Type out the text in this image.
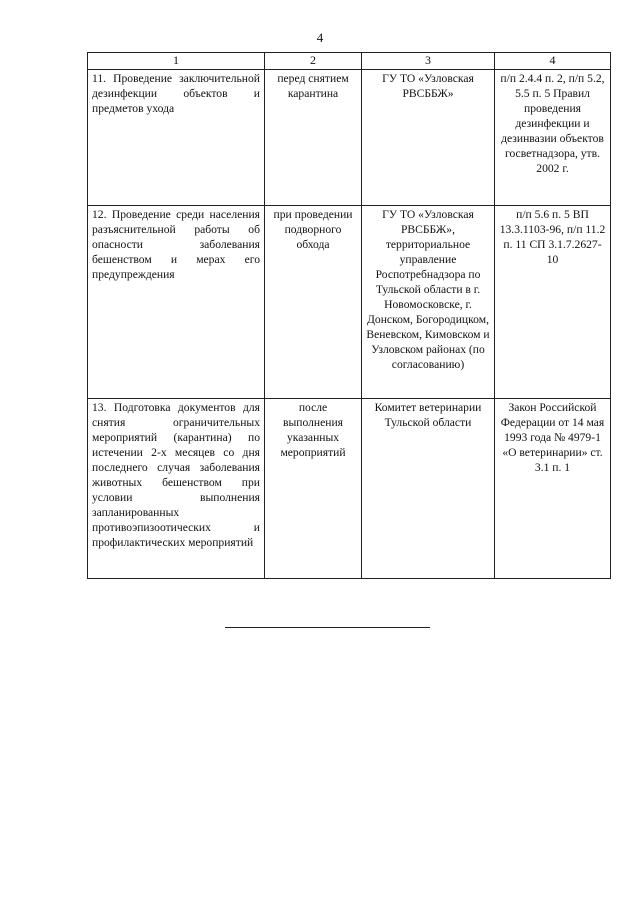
4
1	2	3	4
11. Проведение заключительной дезинфекции объектов и предметов ухода	перед снятием карантина	ГУ ТО «Узловская РВСББЖ»	п/п 2.4.4 п. 2, п/п 5.2, 5.5 п. 5 Правил проведения дезинфекции и дезинвазии объектов госветнадзора, утв. 2002 г.
12. Проведение среди населения разъяснительной работы об опасности заболевания бешенством и мерах его предупреждения	при проведении подворного обхода	ГУ ТО «Узловская РВСББЖ», территориальное управление Роспотребнадзора по Тульской области в г. Новомосковске, г. Донском, Богородицком, Веневском, Кимовском и Узловском районах (по согласованию)	п/п 5.6 п. 5 ВП 13.3.1103-96, п/п 11.2 п. 11 СП 3.1.7.2627-10
13. Подготовка документов для снятия ограничительных мероприятий (карантина) по истечении 2-х месяцев со дня последнего случая заболевания животных бешенством при условии выполнения запланированных противоэпизоотических и профилактических мероприятий	после выполнения указанных мероприятий	Комитет ветеринарии Тульской области	Закон Российской Федерации от 14 мая 1993 года № 4979-1 «О ветеринарии» ст. 3.1 п. 1
